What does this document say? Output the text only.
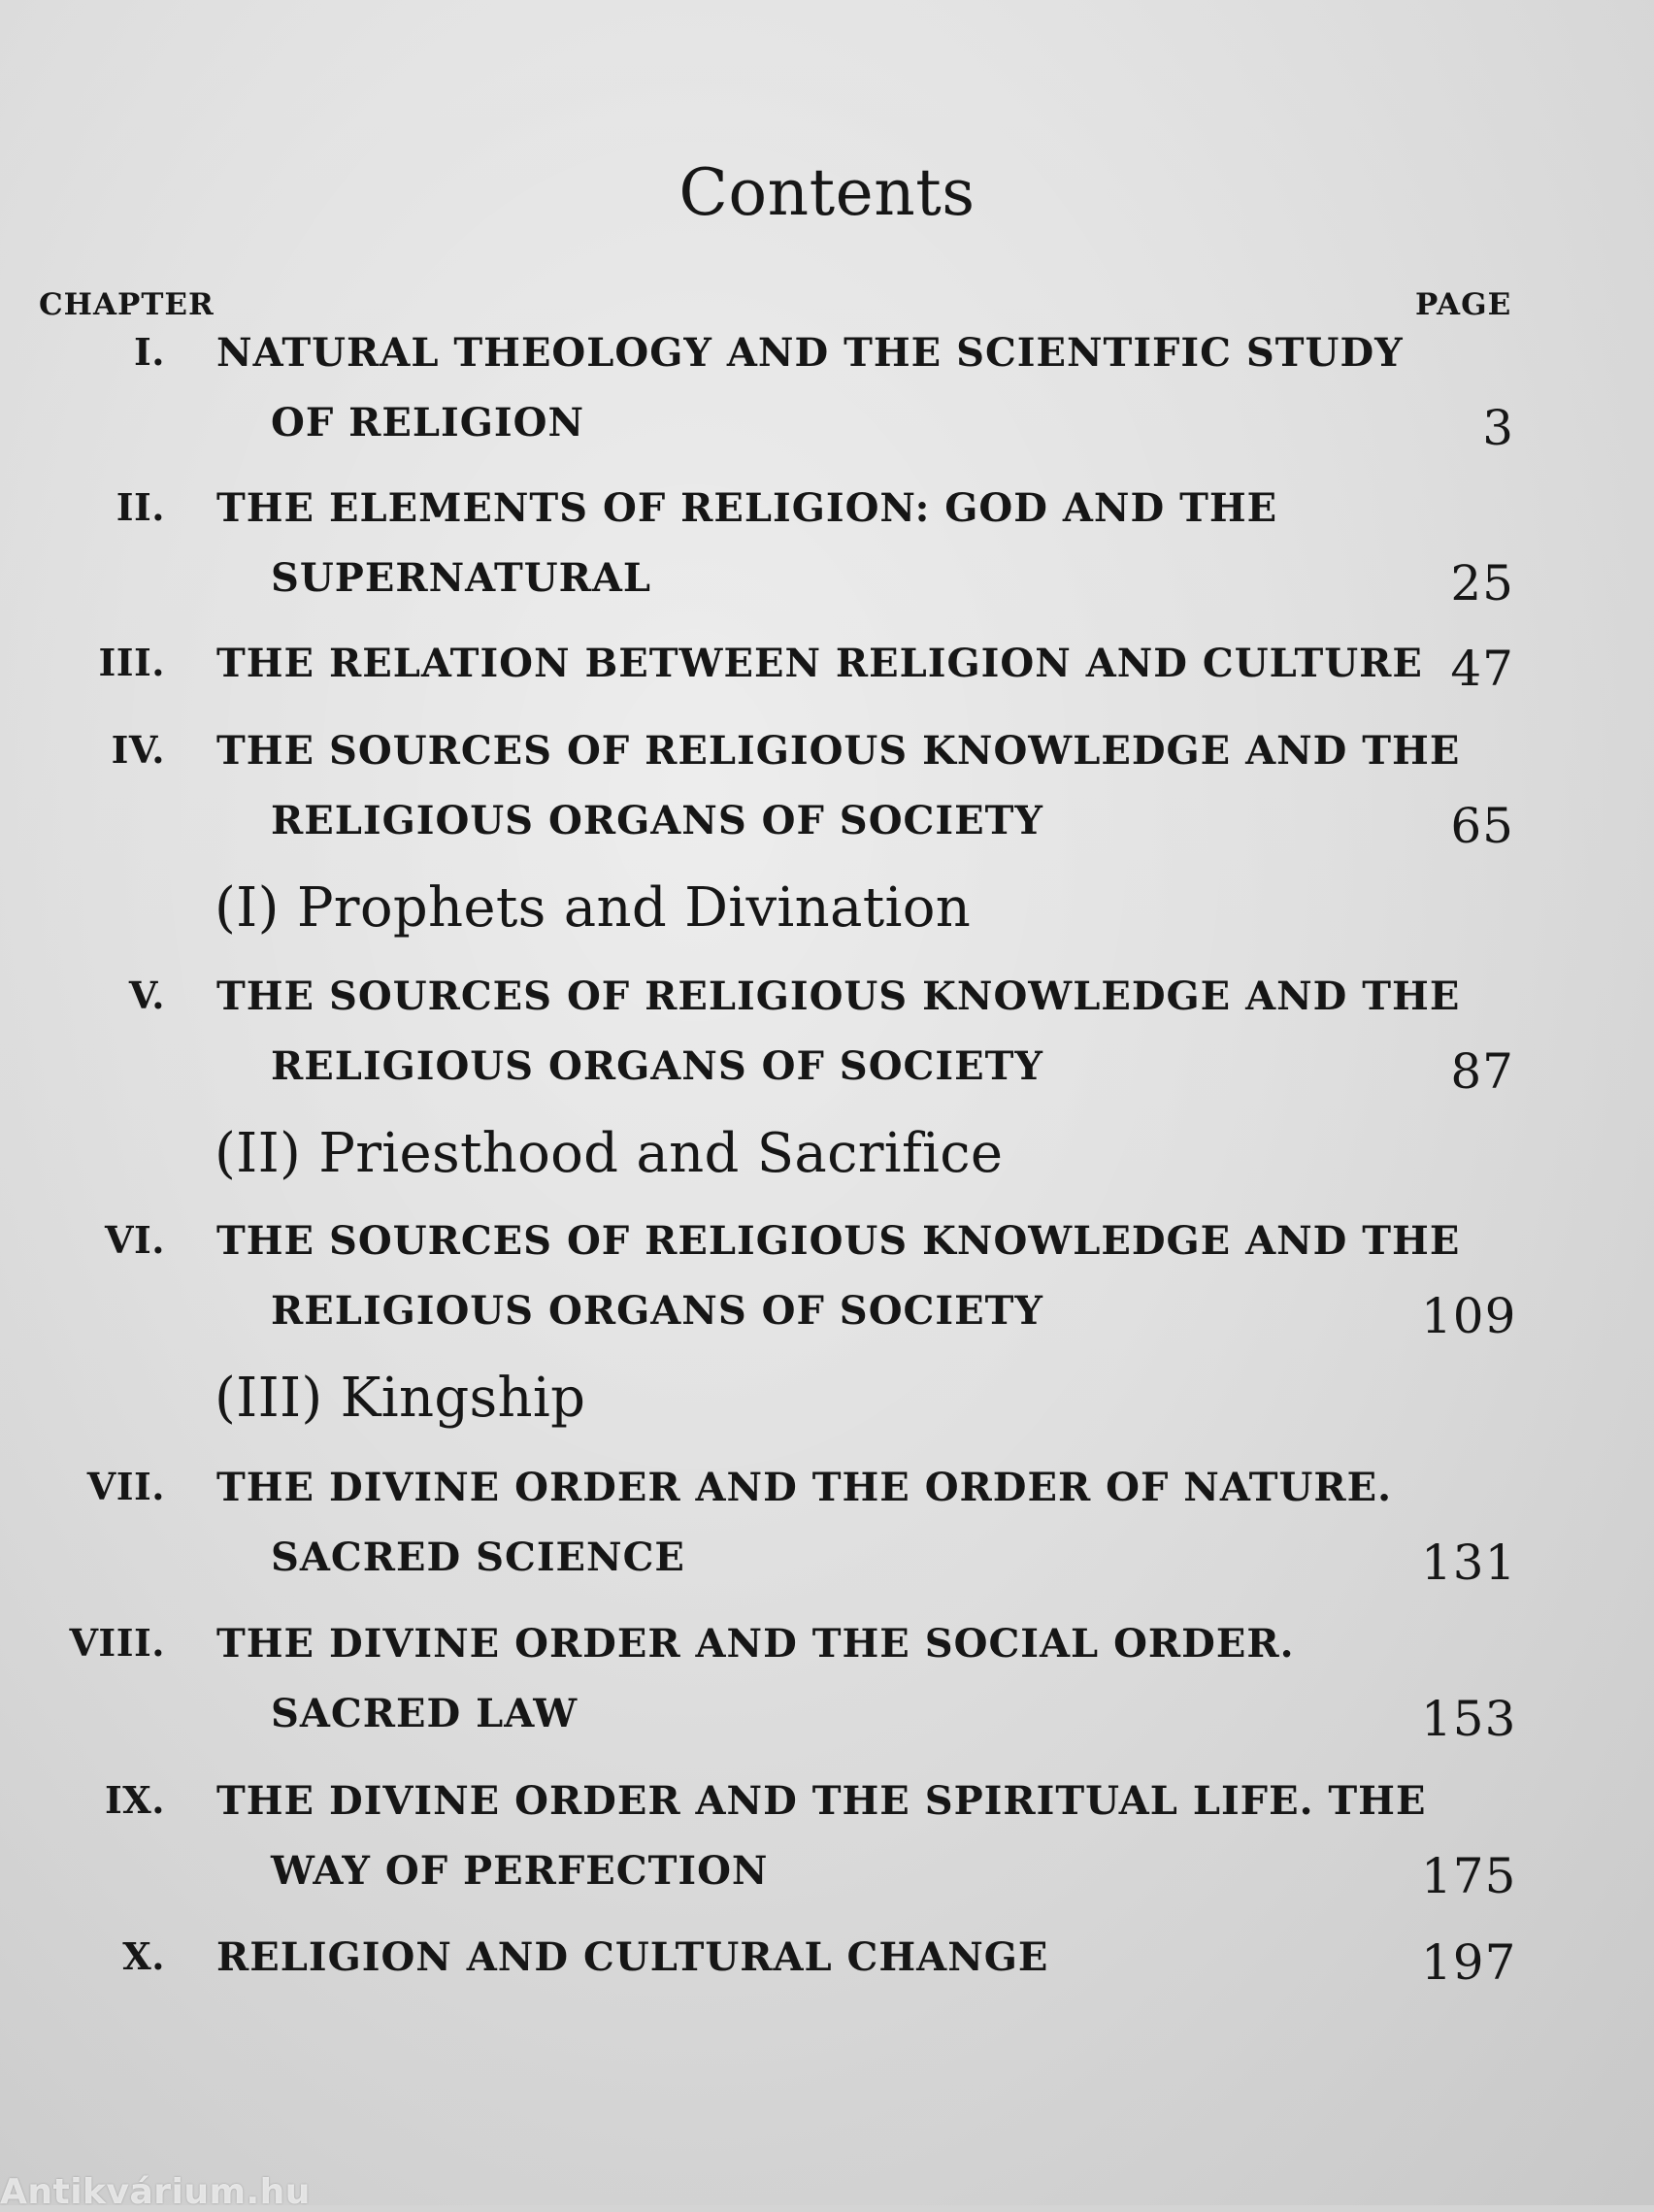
Contents
CHAPTER	PAGE
I. NATURAL THEOLOGY AND THE SCIENTIFIC STUDY
OF RELIGION	3
II. THE ELEMENTS OF RELIGION: GOD AND THE
SUPERNATURAL	25
III. THE RELATION BETWEEN RELIGION AND CULTURE 47
IV. THE SOURCES OF RELIGIOUS KNOWLEDGE AND THE
RELIGIOUS ORGANS OF SOCIETY	65
(I) Prophets and Divination
V. THE SOURCES OF RELIGIOUS KNOWLEDGE AND THE
RELIGIOUS ORGANS OF SOCIETY	87
(II) Priesthood and Sacrifice
VI. THE SOURCES OF RELIGIOUS KNOWLEDGE AND THE
RELIGIOUS ORGANS OF SOCIETY	109
(III) Kingship
VII. THE DIVINE ORDER AND THE ORDER OF NATURE.
SACRED SCIENCE	131
VIII. THE DIVINE ORDER AND THE SOCIAL ORDER.
SACRED LAW	153
IX. THE DIVINE ORDER AND THE SPIRITUAL LIFE. THE
WAY OF PERFECTION	175
X. RELIGION AND CULTURAL CHANGE	197
Antikvárium.hu
